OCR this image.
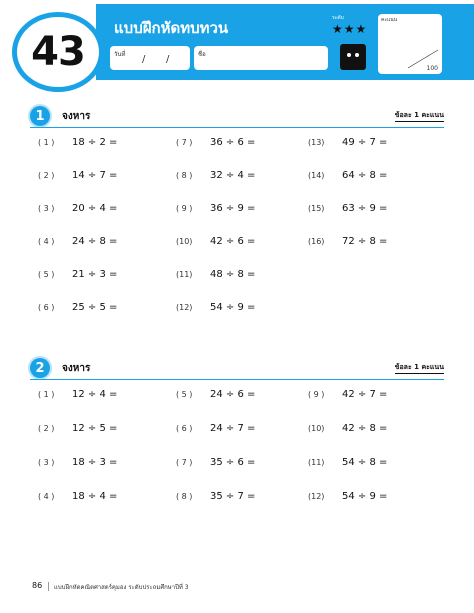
43
แบบฝึกหัดทบทวน
วันที่ / /	ชื่อ
ระดับ
★★★
คะแนน
100
1	จงหาร	ข้อละ 1 คะแนน
( 1 ) 18 ÷ 2 =
( 2 ) 14 ÷ 7 =
( 3 ) 20 ÷ 4 =
( 4 ) 24 ÷ 8 =
( 5 ) 21 ÷ 3 =
( 6 ) 25 ÷ 5 =
( 7 ) 36 ÷ 6 =
( 8 ) 32 ÷ 4 =
( 9 ) 36 ÷ 9 =
(10) 42 ÷ 6 =
(11) 48 ÷ 8 =
(12) 54 ÷ 9 =
(13) 49 ÷ 7 =
(14) 64 ÷ 8 =
(15) 63 ÷ 9 =
(16) 72 ÷ 8 =
2	จงหาร	ข้อละ 1 คะแนน
( 1 ) 12 ÷ 4 =
( 2 ) 12 ÷ 5 =
( 3 ) 18 ÷ 3 =
( 4 ) 18 ÷ 4 =
( 5 ) 24 ÷ 6 =
( 6 ) 24 ÷ 7 =
( 7 ) 35 ÷ 6 =
( 8 ) 35 ÷ 7 =
( 9 ) 42 ÷ 7 =
(10) 42 ÷ 8 =
(11) 54 ÷ 8 =
(12) 54 ÷ 9 =
86 แบบฝึกหัดคณิตศาสตร์คุมอง ระดับประถมศึกษาปีที่ 3
